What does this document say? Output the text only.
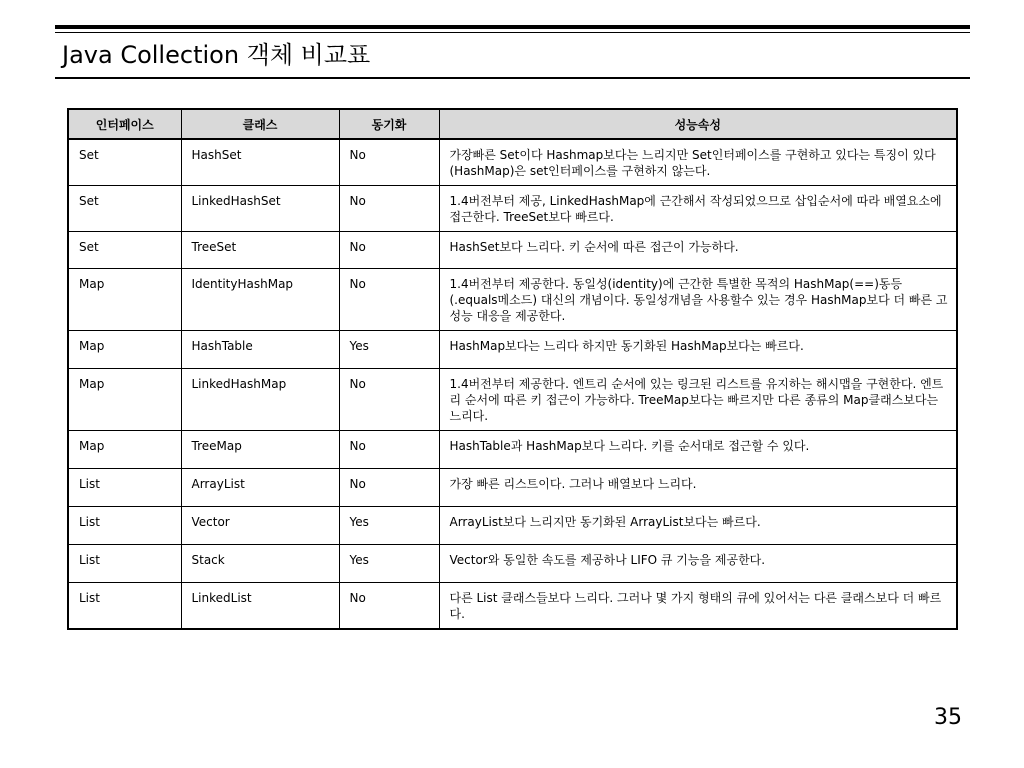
Java Collection 객체 비교표
인터페이스	클래스	동기화	성능속성
Set	HashSet	No	가장빠른 Set이다 Hashmap보다는 느리지만 Set인터페이스를 구현하고 있다는 특징이 있다 (HashMap)은 set인터페이스를 구현하지 않는다.
Set	LinkedHashSet	No	1.4버전부터 제공, LinkedHashMap에 근간해서 작성되었으므로 삽입순서에 따라 배열요소에 접근한다. TreeSet보다 빠르다.
Set	TreeSet	No	HashSet보다 느리다. 키 순서에 따른 접근이 가능하다.
Map	IdentityHashMap	No	1.4버전부터 제공한다. 동일성(identity)에 근간한 특별한 목적의 HashMap(==)동등(.equals메소드) 대신의 개념이다. 동일성개념을 사용할수 있는 경우 HashMap보다 더 빠른 고성능 대응을 제공한다.
Map	HashTable	Yes	HashMap보다는 느리다 하지만 동기화된 HashMap보다는 빠르다.
Map	LinkedHashMap	No	1.4버전부터 제공한다. 엔트리 순서에 있는 링크된 리스트를 유지하는 해시맵을 구현한다. 엔트리 순서에 따른 키 접근이 가능하다. TreeMap보다는 빠르지만 다른 종류의 Map클래스보다는 느리다.
Map	TreeMap	No	HashTable과 HashMap보다 느리다. 키를 순서대로 접근할 수 있다.
List	ArrayList	No	가장 빠른 리스트이다. 그러나 배열보다 느리다.
List	Vector	Yes	ArrayList보다 느리지만 동기화된 ArrayList보다는 빠르다.
List	Stack	Yes	Vector와 동일한 속도를 제공하나 LIFO 큐 기능을 제공한다.
List	LinkedList	No	다른 List 클래스들보다 느리다. 그러나 몇 가지 형태의 큐에 있어서는 다른 클래스보다 더 빠르다.
35
